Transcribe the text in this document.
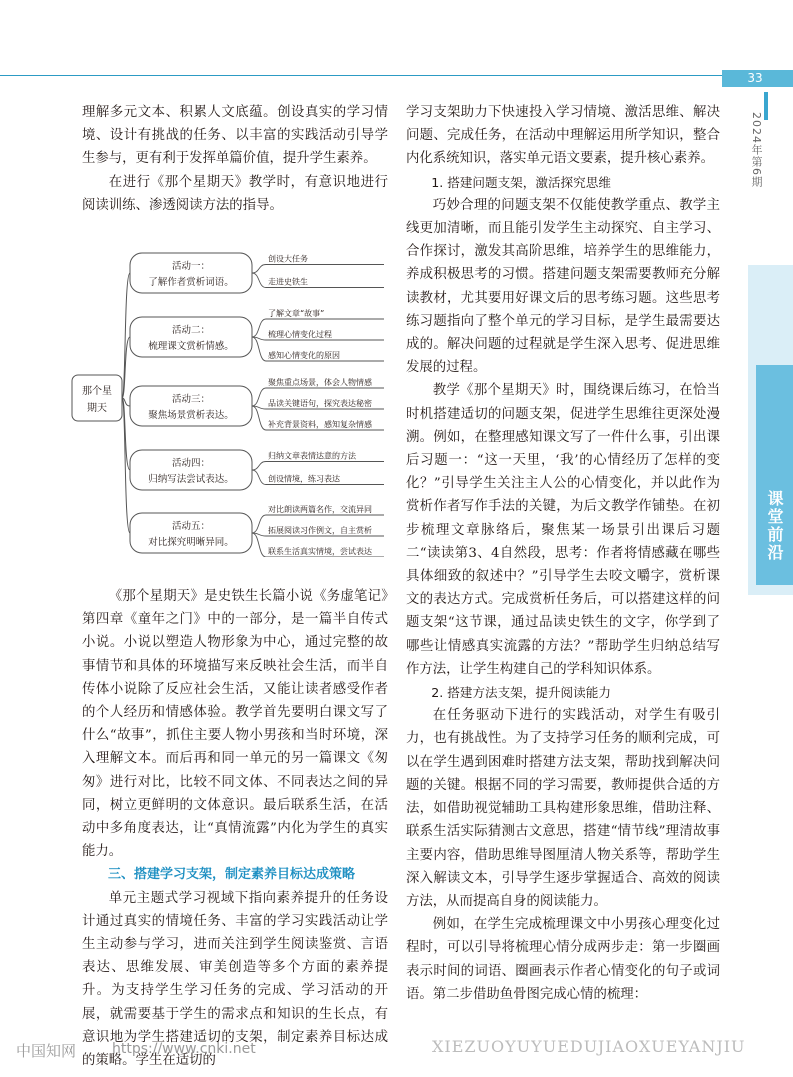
33
2024年第6期
课堂前沿

理解多元文本、积累人文底蕴。创设真实的学习情境、设计有挑战的任务、以丰富的实践活动引导学生参与，更有利于发挥单篇价值，提升学生素养。

在进行《那个星期天》教学时，有意识地进行阅读训练、渗透阅读方法的指导。

《那个星期天》是史铁生长篇小说《务虚笔记》第四章《童年之门》中的一部分，是一篇半自传式小说。小说以塑造人物形象为中心，通过完整的故事情节和具体的环境描写来反映社会生活，而半自传体小说除了反应社会生活，又能让读者感受作者的个人经历和情感体验。教学首先要明白课文写了什么“故事”，抓住主要人物小男孩和当时环境，深入理解文本。而后再和同一单元的另一篇课文《匆匆》进行对比，比较不同文体、不同表达之间的异同，树立更鲜明的文体意识。最后联系生活，在活动中多角度表达，让“真情流露”内化为学生的真实能力。

三、搭建学习支架，制定素养目标达成策略

单元主题式学习视域下指向素养提升的任务设计通过真实的情境任务、丰富的学习实践活动让学生主动参与学习，进而关注到学生阅读鉴赏、言语表达、思维发展、审美创造等多个方面的素养提升。为支持学生学习任务的完成、学习活动的开展，就需要基于学生的需求点和知识的生长点，有意识地为学生搭建适切的支架，制定素养目标达成的策略。学生在适切的

学习支架助力下快速投入学习情境、激活思维、解决问题、完成任务，在活动中理解运用所学知识，整合内化系统知识，落实单元语文要素，提升核心素养。

1. 搭建问题支架，激活探究思维

巧妙合理的问题支架不仅能使教学重点、教学主线更加清晰，而且能引发学生主动探究、自主学习、合作探讨，激发其高阶思维，培养学生的思维能力，养成积极思考的习惯。搭建问题支架需要教师充分解读教材，尤其要用好课文后的思考练习题。这些思考练习题指向了整个单元的学习目标，是学生最需要达成的。解决问题的过程就是学生深入思考、促进思维发展的过程。

教学《那个星期天》时，围绕课后练习，在恰当时机搭建适切的问题支架，促进学生思维往更深处漫溯。例如，在整理感知课文写了一件什么事，引出课后习题一：“这一天里，‘我’的心情经历了怎样的变化？”引导学生关注主人公的心情变化，并以此作为赏析作者写作手法的关键，为后文教学作铺垫。在初步梳理文章脉络后，聚焦某一场景引出课后习题二“读读第3、4自然段，思考：作者将情感藏在哪些具体细致的叙述中？”引导学生去咬文嚼字，赏析课文的表达方式。完成赏析任务后，可以搭建这样的问题支架“这节课，通过品读史铁生的文字，你学到了哪些让情感真实流露的方法？”帮助学生归纳总结写作方法，让学生构建自己的学科知识体系。

2. 搭建方法支架，提升阅读能力

在任务驱动下进行的实践活动，对学生有吸引力，也有挑战性。为了支持学习任务的顺利完成，可以在学生遇到困难时搭建方法支架，帮助找到解决问题的关键。根据不同的学习需要，教师提供合适的方法，如借助视觉辅助工具构建形象思维，借助注释、联系生活实际猜测古文意思，搭建“情节线”理清故事主要内容，借助思维导图厘清人物关系等，帮助学生深入解读文本，引导学生逐步掌握适合、高效的阅读方法，从而提高自身的阅读能力。

例如，在学生完成梳理课文中小男孩心理变化过程时，可以引导将梳理心情分成两步走：第一步圈画表示时间的词语、圈画表示作者心情变化的句子或词语。第二步借助鱼骨图完成心情的梳理：

那个星
期天
活动一：
了解作者赏析词语。
创设大任务
走进史铁生
活动二：
梳理课文赏析情感。
了解文章“故事”
梳理心情变化过程
感知心情变化的原因
活动三：
聚焦场景赏析表达。
聚焦重点场景，体会人物情感
品读关键语句，探究表达秘密
补充背景资料，感知复杂情感
活动四：
归纳写法尝试表达。
归纳文章表情达意的方法
创设情境，练习表达
活动五：
对比探究明晰异同。
对比朗读两篇名作，交流异同
拓展阅读习作例文，自主赏析
联系生活真实情境，尝试表达
中国知网	https://www.cnki.net	XIEZUOYUYUEDUJIAOXUEYANJIU
